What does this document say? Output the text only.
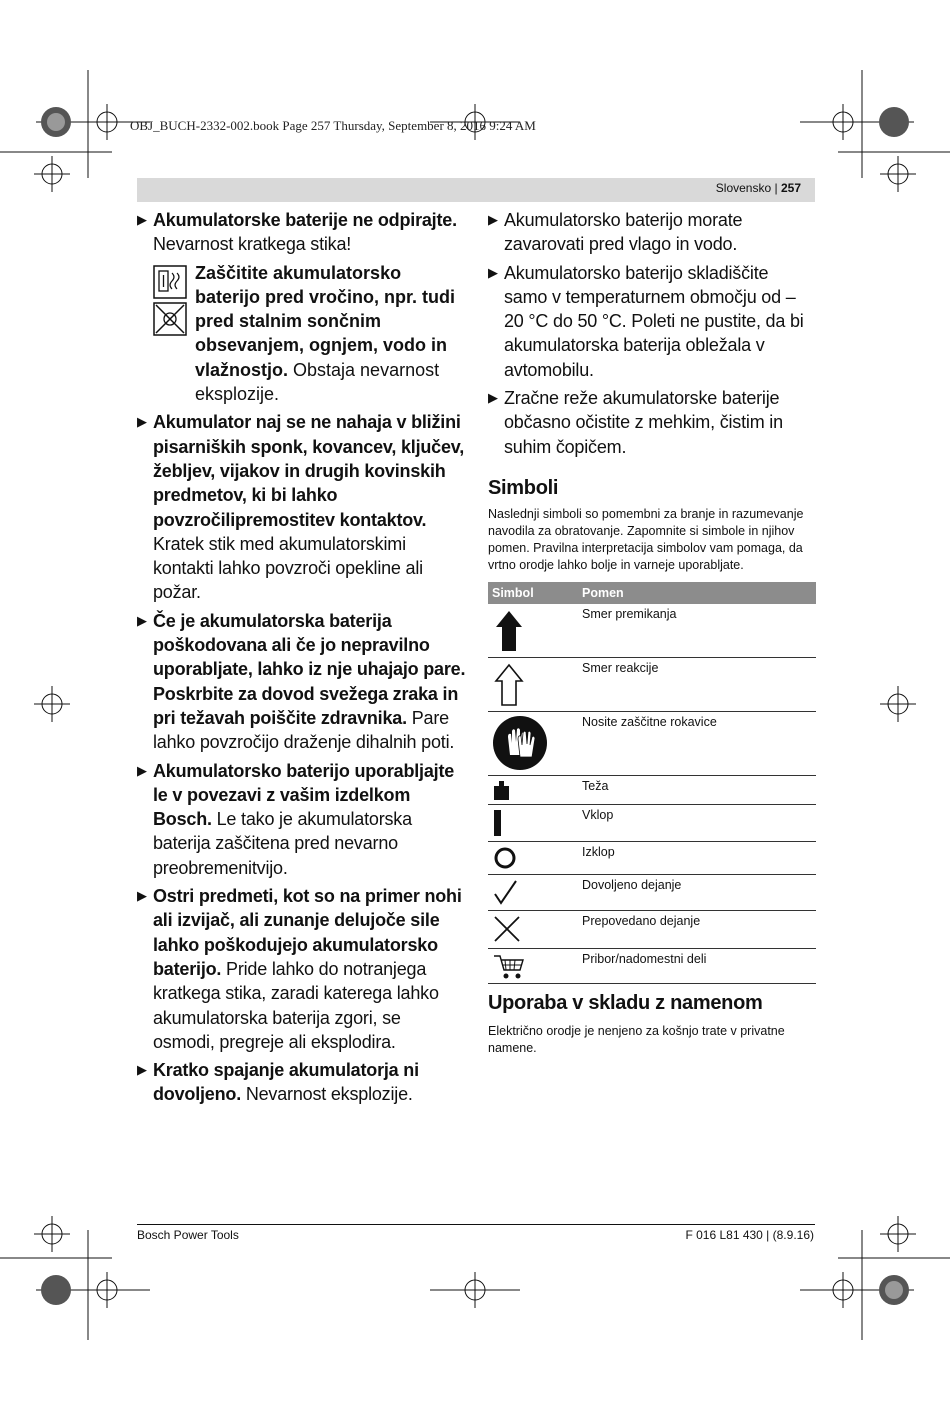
OBJ_BUCH-2332-002.book Page 257 Thursday, September 8, 2016 9:24 AM
Slovensko | 257
▶ Akumulatorske baterije ne odpirajte. Nevarnost kratkega stika!
Zaščitite akumulatorsko baterijo pred vročino, npr. tudi pred stalnim sončnim obsevanjem, ognjem, vodo in vlažnostjo. Obstaja nevarnost eksplozije.
▶ Akumulator naj se ne nahaja v bližini pisarniških sponk, kovancev, ključev, žebljev, vijakov in drugih kovinskih predmetov, ki bi lahko povzročilipremostitev kontaktov. Kratek stik med akumulatorskimi kontakti lahko povzroči opekline ali požar.
▶ Če je akumulatorska baterija poškodovana ali če jo nepravilno uporabljate, lahko iz nje uhajajo pare. Poskrbite za dovod svežega zraka in pri težavah poiščite zdravnika. Pare lahko povzročijo draženje dihalnih poti.
▶ Akumulatorsko baterijo uporabljajte le v povezavi z vašim izdelkom Bosch. Le tako je akumulatorska baterija zaščitena pred nevarno preobremenitvijo.
▶ Ostri predmeti, kot so na primer nohi ali izvijač, ali zunanje delujoče sile lahko poškodujejo akumulatorsko baterijo. Pride lahko do notranjega kratkega stika, zaradi katerega lahko akumulatorska baterija zgori, se osmodi, pregreje ali eksplodira.
▶ Kratko spajanje akumulatorja ni dovoljeno. Nevarnost eksplozije.
▶ Akumulatorsko baterijo morate zavarovati pred vlago in vodo.
▶ Akumulatorsko baterijo skladiščite samo v temperaturnem območju od – 20 °C do 50 °C. Poleti ne pustite, da bi akumulatorska baterija obležala v avtomobilu.
▶ Zračne reže akumulatorske baterije občasno očistite z mehkim, čistim in suhim čopičem.
Simboli
Naslednji simboli so pomembni za branje in razumevanje navodila za obratovanje. Zapomnite si simbole in njihov pomen. Pravilna interpretacija simbolov vam pomaga, da vrtno orodje lahko bolje in varneje uporabljate.
Simbol	Pomen
	Smer premikanja
	Smer reakcije
	Nosite zaščitne rokavice
	Teža
	Vklop
	Izklop
	Dovoljeno dejanje
	Prepovedano dejanje
	Pribor/nadomestni deli
Uporaba v skladu z namenom
Električno orodje je nenjeno za košnjo trate v privatne namene.
Bosch Power Tools	F 016 L81 430 | (8.9.16)
